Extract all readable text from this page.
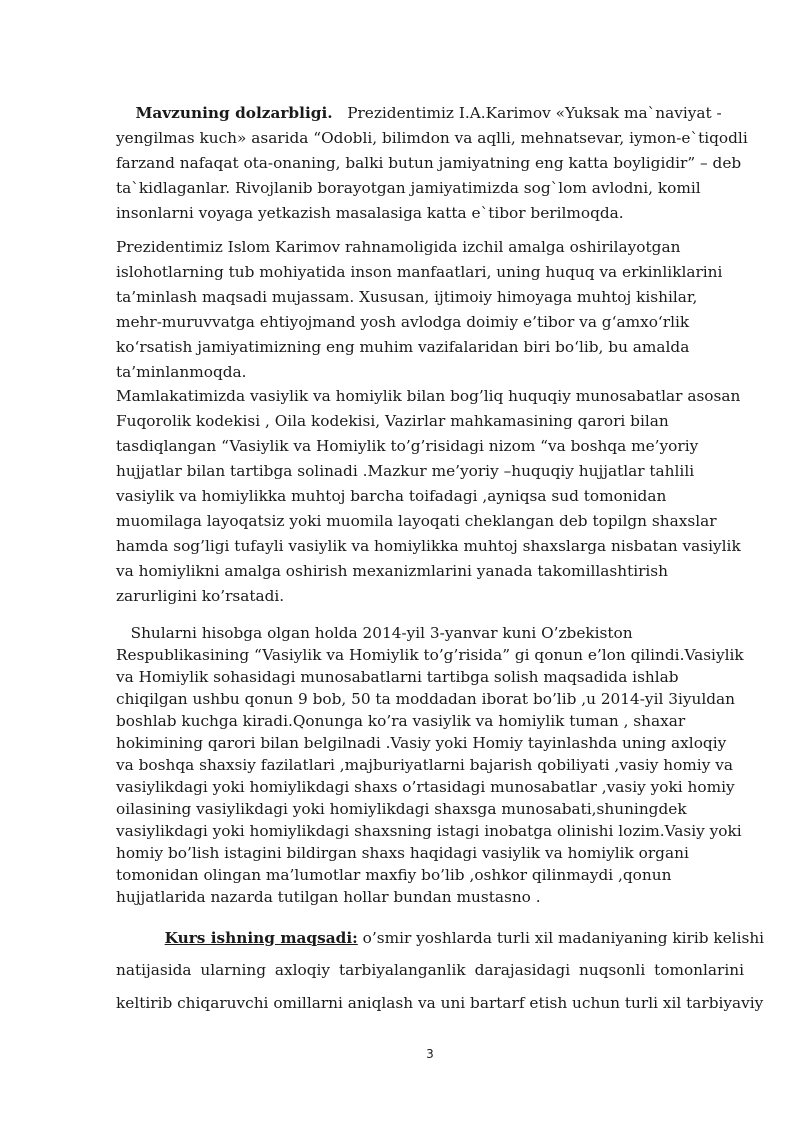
Mavzuning dolzarbligi. Prezidentimiz I.A.Karimov «Yuksak ma`naviyat -
yengilmas kuch» asarida “Odobli, bilimdon va aqlli, mehnatsevar, iymon-e`tiqodli
farzand nafaqat ota-onaning, balki butun jamiyatning eng katta boyligidir” – deb
ta`kidlaganlar. Rivojlanib borayotgan jamiyatimizda sog`lom avlodni, komil
insonlarni voyaga yetkazish masalasiga katta e`tibor berilmoqda.
Prezidentimiz Islom Karimov rahnamoligida izchil amalga oshirilayotgan
islohotlarning tub mohiyatida inson manfaatlari, uning huquq va erkinliklarini
ta’minlash maqsadi mujassam. Xususan, ijtimoiy himoyaga muhtoj kishilar,
mehr-muruvvatga ehtiyojmand yosh avlodga doimiy e’tibor va g‘amxo‘rlik
ko‘rsatish jamiyatimizning eng muhim vazifalaridan biri bo‘lib, bu amalda
ta’minlanmoqda.
Mamlakatimizda vasiylik va homiylik bilan bog’liq huquqiy munosabatlar asosan
Fuqorolik kodekisi , Oila kodekisi, Vazirlar mahkamasining qarori bilan
tasdiqlangan “Vasiylik va Homiylik to’g’risidagi nizom “va boshqa me’yoriy
hujjatlar bilan tartibga solinadi .Mazkur me’yoriy –huquqiy hujjatlar tahlili
vasiylik va homiylikka muhtoj barcha toifadagi ,ayniqsa sud tomonidan
muomilaga layoqatsiz yoki muomila layoqati cheklangan deb topilgn shaxslar
hamda sog’ligi tufayli vasiylik va homiylikka muhtoj shaxslarga nisbatan vasiylik
va homiylikni amalga oshirish mexanizmlarini yanada takomillashtirish
zarurligini ko’rsatadi.
Shularni hisobga olgan holda 2014-yil 3-yanvar kuni O’zbekiston
Respublikasining “Vasiylik va Homiylik to’g’risida” gi qonun e’lon qilindi.Vasiylik
va Homiylik sohasidagi munosabatlarni tartibga solish maqsadida ishlab
chiqilgan ushbu qonun 9 bob, 50 ta moddadan iborat bo’lib ,u 2014-yil 3iyuldan
boshlab kuchga kiradi.Qonunga ko’ra vasiylik va homiylik tuman , shaxar
hokimining qarori bilan belgilnadi .Vasiy yoki Homiy tayinlashda uning axloqiy
va boshqa shaxsiy fazilatlari ,majburiyatlarni bajarish qobiliyati ,vasiy homiy va
vasiylikdagi yoki homiylikdagi shaxs o’rtasidagi munosabatlar ,vasiy yoki homiy
oilasining vasiylikdagi yoki homiylikdagi shaxsga munosabati,shuningdek
vasiylikdagi yoki homiylikdagi shaxsning istagi inobatga olinishi lozim.Vasiy yoki
homiy bo’lish istagini bildirgan shaxs haqidagi vasiylik va homiylik organi
tomonidan olingan ma’lumotlar maxfiy bo’lib ,oshkor qilinmaydi ,qonun
hujjatlarida nazarda tutilgan hollar bundan mustasno .
Kurs ishning maqsadi: o’smir yoshlarda turli xil madaniyaning kirib kelishi
natijasida ularning axloqiy tarbiyalanganlik darajasidagi nuqsonli tomonlarini
keltirib chiqaruvchi omillarni aniqlash va uni bartarf etish uchun turli xil tarbiyaviy
3
